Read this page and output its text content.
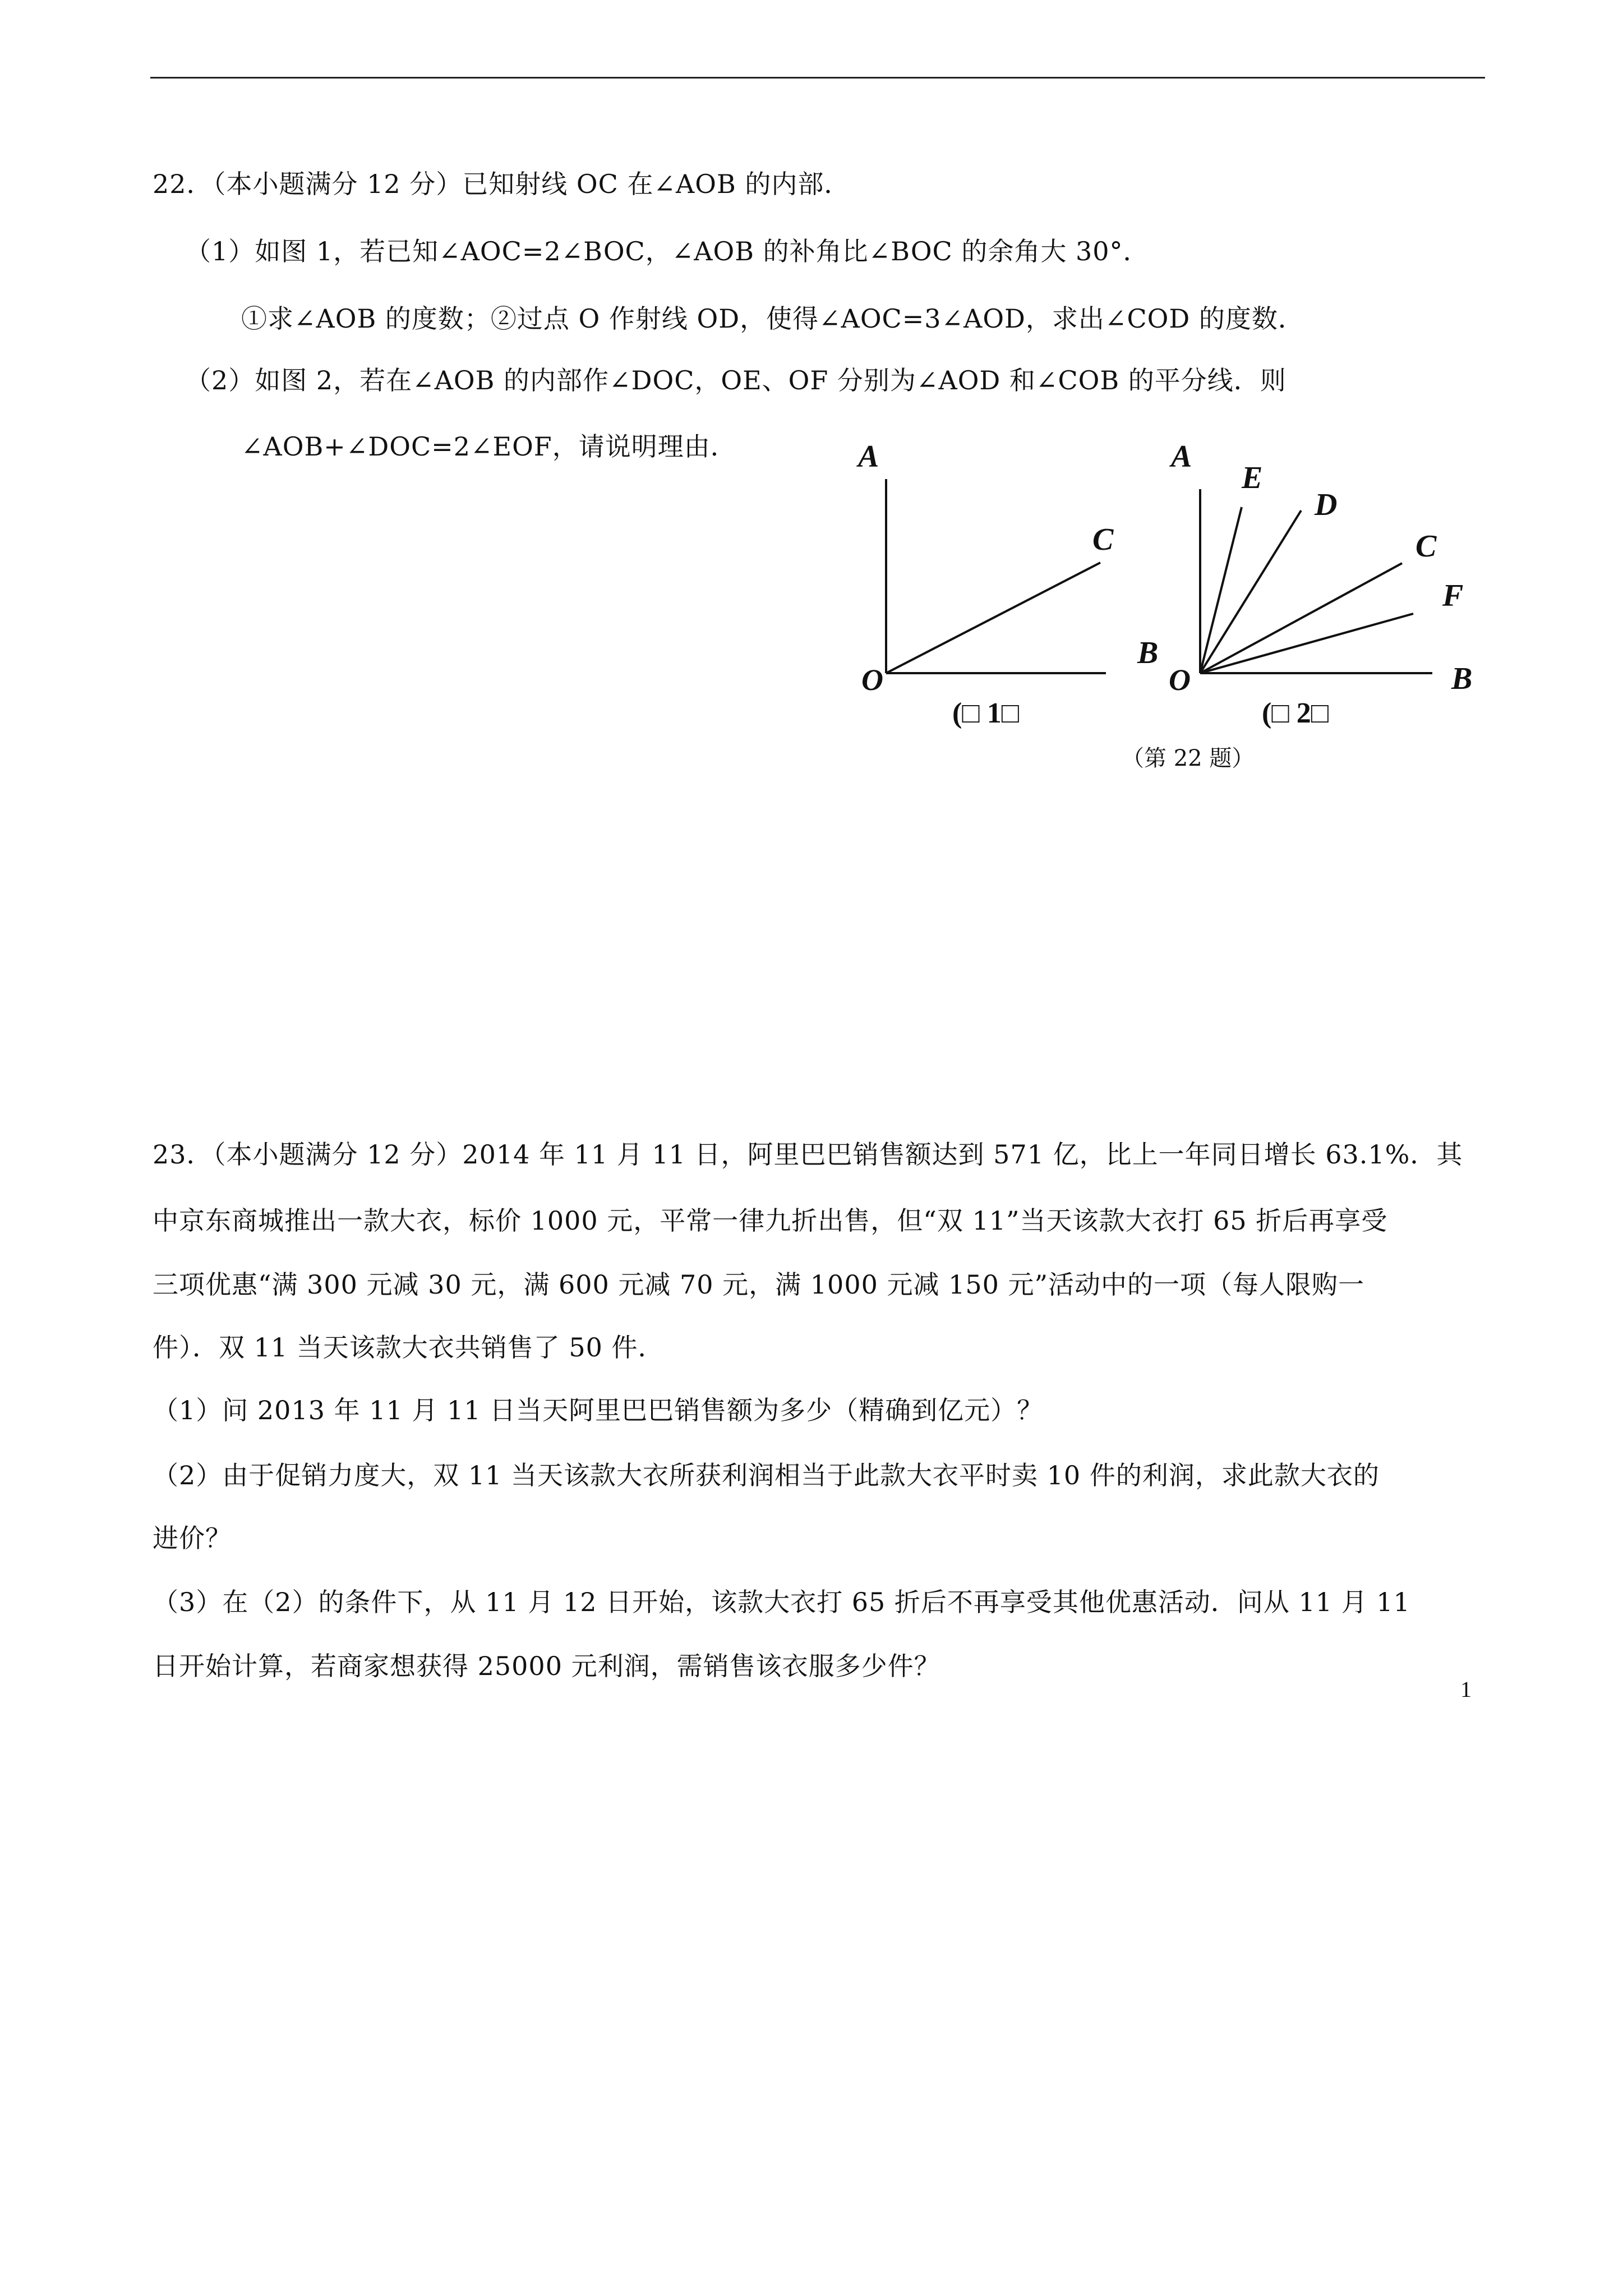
22．（本小题满分 12 分）已知射线 OC 在∠AOB 的内部．
（1）如图 1，若已知∠AOC=2∠BOC，∠AOB 的补角比∠BOC 的余角大 30°．
①求∠AOB 的度数；②过点 O 作射线 OD，使得∠AOC=3∠AOD，求出∠COD 的度数．
（2）如图 2，若在∠AOB 的内部作∠DOC，OE、OF 分别为∠AOD 和∠COB 的平分线．则
∠AOB+∠DOC=2∠EOF，请说明理由．	A
C
B
O
(□ 1□
A
E
D
C
F
B
O
(□ 2□
（第 22 题）
23．（本小题满分 12 分）2014 年 11 月 11 日，阿里巴巴销售额达到 571 亿，比上一年同日增长 63.1%．其
中京东商城推出一款大衣，标价 1000 元，平常一律九折出售，但“双 11”当天该款大衣打 65 折后再享受
三项优惠“满 300 元减 30 元，满 600 元减 70 元，满 1000 元减 150 元”活动中的一项（每人限购一
件）．双 11 当天该款大衣共销售了 50 件．
（1）问 2013 年 11 月 11 日当天阿里巴巴销售额为多少（精确到亿元）？
（2）由于促销力度大，双 11 当天该款大衣所获利润相当于此款大衣平时卖 10 件的利润，求此款大衣的
进价？
（3）在（2）的条件下，从 11 月 12 日开始，该款大衣打 65 折后不再享受其他优惠活动．问从 11 月 11
日开始计算，若商家想获得 25000 元利润，需销售该衣服多少件？
1
